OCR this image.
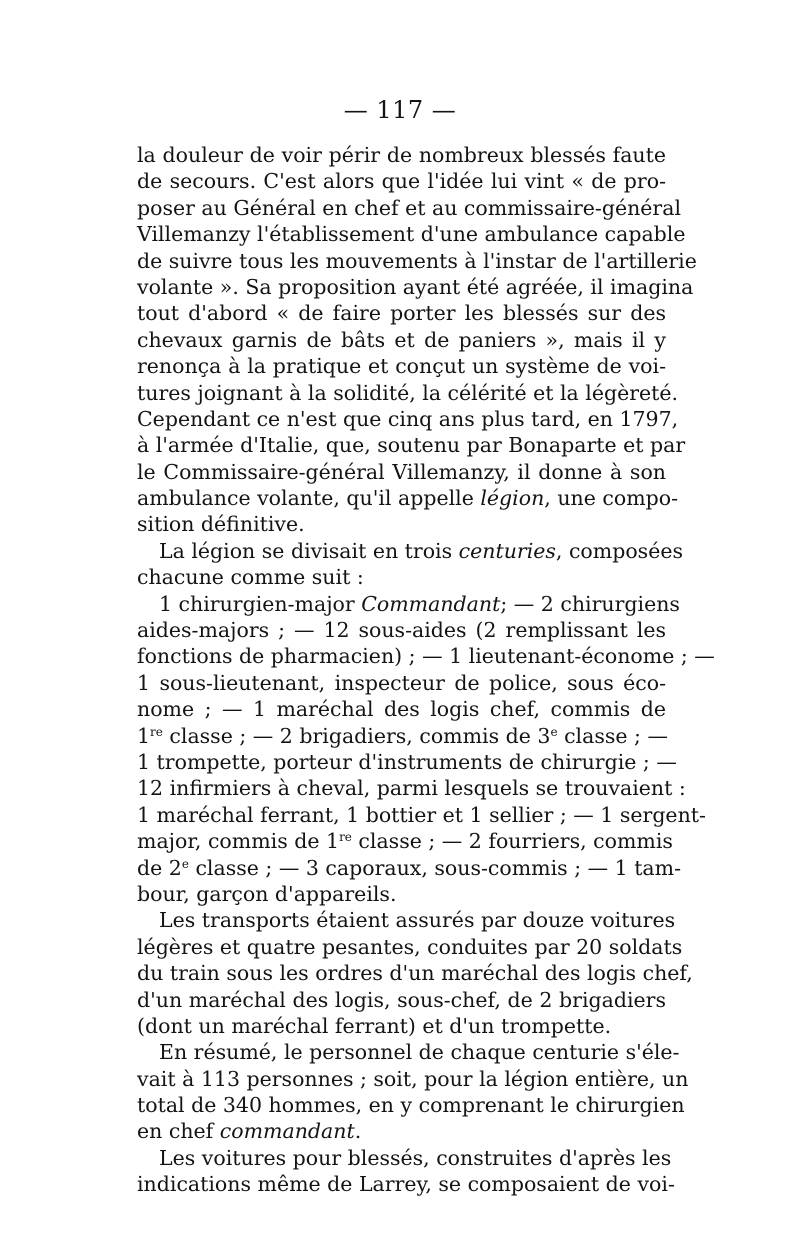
— 117 —
la douleur de voir périr de nombreux blessés faute
de secours. C'est alors que l'idée lui vint « de pro-
poser au Général en chef et au commissaire-général
Villemanzy l'établissement d'une ambulance capable
de suivre tous les mouvements à l'instar de l'artillerie
volante ». Sa proposition ayant été agréée, il imagina
tout d'abord « de faire porter les blessés sur des
chevaux garnis de bâts et de paniers », mais il y
renonça à la pratique et conçut un système de voi-
tures joignant à la solidité, la célérité et la légèreté.
Cependant ce n'est que cinq ans plus tard, en 1797,
à l'armée d'Italie, que, soutenu par Bonaparte et par
le Commissaire-général Villemanzy, il donne à son
ambulance volante, qu'il appelle légion, une compo-
sition définitive.
La légion se divisait en trois centuries, composées
chacune comme suit :
1 chirurgien-major Commandant; — 2 chirurgiens
aides-majors ; — 12 sous-aides (2 remplissant les
fonctions de pharmacien) ; — 1 lieutenant-économe ; —
1 sous-lieutenant, inspecteur de police, sous éco-
nome ; — 1 maréchal des logis chef, commis de
1re classe ; — 2 brigadiers, commis de 3e classe ; —
1 trompette, porteur d'instruments de chirurgie ; —
12 infirmiers à cheval, parmi lesquels se trouvaient :
1 maréchal ferrant, 1 bottier et 1 sellier ; — 1 sergent-
major, commis de 1re classe ; — 2 fourriers, commis
de 2e classe ; — 3 caporaux, sous-commis ; — 1 tam-
bour, garçon d'appareils.
Les transports étaient assurés par douze voitures
légères et quatre pesantes, conduites par 20 soldats
du train sous les ordres d'un maréchal des logis chef,
d'un maréchal des logis, sous-chef, de 2 brigadiers
(dont un maréchal ferrant) et d'un trompette.
En résumé, le personnel de chaque centurie s'éle-
vait à 113 personnes ; soit, pour la légion entière, un
total de 340 hommes, en y comprenant le chirurgien
en chef commandant.
Les voitures pour blessés, construites d'après les
indications même de Larrey, se composaient de voi-
